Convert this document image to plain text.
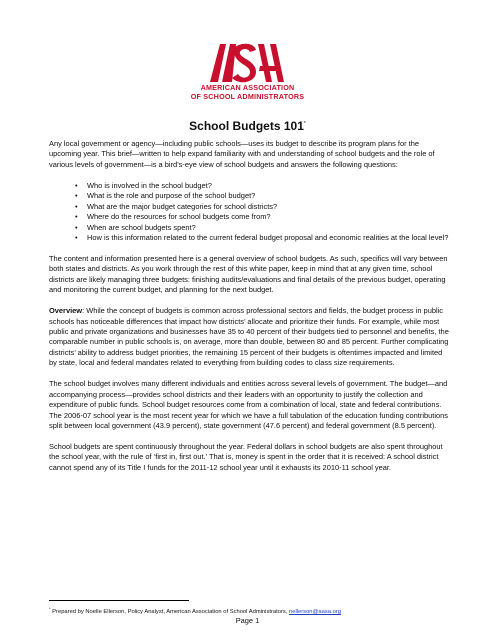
AMERICAN ASSOCIATION
OF SCHOOL ADMINISTRATORS
School Budgets 101*

Any local government or agency—including public schools—uses its budget to describe its program plans for the upcoming year. This brief—written to help expand familiarity with and understanding of school budgets and the role of various levels of government—is a bird’s-eye view of school budgets and answers the following questions:

• Who is involved in the school budget?
• What is the role and purpose of the school budget?
• What are the major budget categories for school districts?
• Where do the resources for school budgets come from?
• When are school budgets spent?
• How is this information related to the current federal budget proposal and economic realities at the local level?

The content and information presented here is a general overview of school budgets. As such, specifics will vary between both states and districts. As you work through the rest of this white paper, keep in mind that at any given time, school districts are likely managing three budgets: finishing audits/evaluations and final details of the previous budget, operating and monitoring the current budget, and planning for the next budget.

Overview: While the concept of budgets is common across professional sectors and fields, the budget process in public schools has noticeable differences that impact how districts’ allocate and prioritize their funds. For example, while most public and private organizations and businesses have 35 to 40 percent of their budgets tied to personnel and benefits, the comparable number in public schools is, on average, more than double, between 80 and 85 percent. Further complicating districts’ ability to address budget priorities, the remaining 15 percent of their budgets is oftentimes impacted and limited by state, local and federal mandates related to everything from building codes to class size requirements.

The school budget involves many different individuals and entities across several levels of government. The budget—and accompanying process—provides school districts and their leaders with an opportunity to justify the collection and expenditure of public funds. School budget resources come from a combination of local, state and federal contributions. The 2006-07 school year is the most recent year for which we have a full tabulation of the education funding contributions split between local government (43.9 percent), state government (47.6 percent) and federal government (8.5 percent).

School budgets are spent continuously throughout the year. Federal dollars in school budgets are also spent throughout the school year, with the rule of ‘first in, first out.’ That is, money is spent in the order that it is received: A school district cannot spend any of its Title I funds for the 2011-12 school year until it exhausts its 2010-11 school year.

* Prepared by Noelle Ellerson, Policy Analyst, American Association of School Administrators, nellerson@aasa.org
Page 1
